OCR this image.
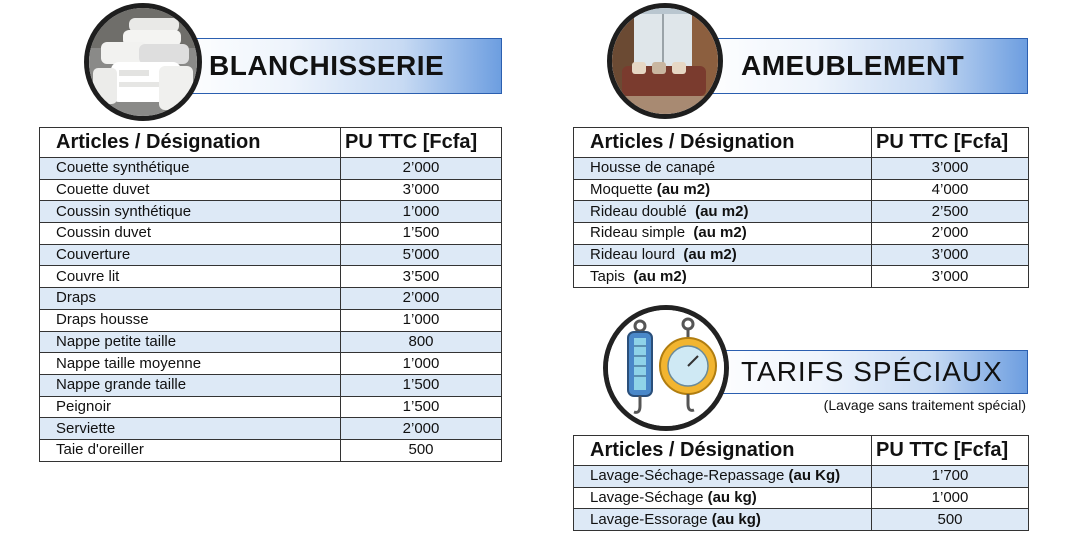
BLANCHISSERIE
Articles / Désignation	PU TTC [Fcfa]
Couette synthétique	2’000
Couette duvet	3’000
Coussin synthétique	1’000
Coussin duvet	1’500
Couverture	5’000
Couvre lit	3’500
Draps	2’000
Draps housse	1’000
Nappe petite taille	800
Nappe taille moyenne	1’000
Nappe grande taille	1’500
Peignoir	1’500
Serviette	2’000
Taie d'oreiller	500
AMEUBLEMENT
Articles / Désignation	PU TTC [Fcfa]
Housse de canapé	3’000
Moquette (au m2)	4’000
Rideau doublé  (au m2)	2’500
Rideau simple  (au m2)	2’000
Rideau lourd  (au m2)	3’000
Tapis  (au m2)	3’000
TARIFS SPÉCIAUX
(Lavage sans traitement spécial)
Articles / Désignation	PU TTC [Fcfa]
Lavage-Séchage-Repassage (au Kg)	1’700
Lavage-Séchage (au kg)	1’000
Lavage-Essorage (au kg)	500
